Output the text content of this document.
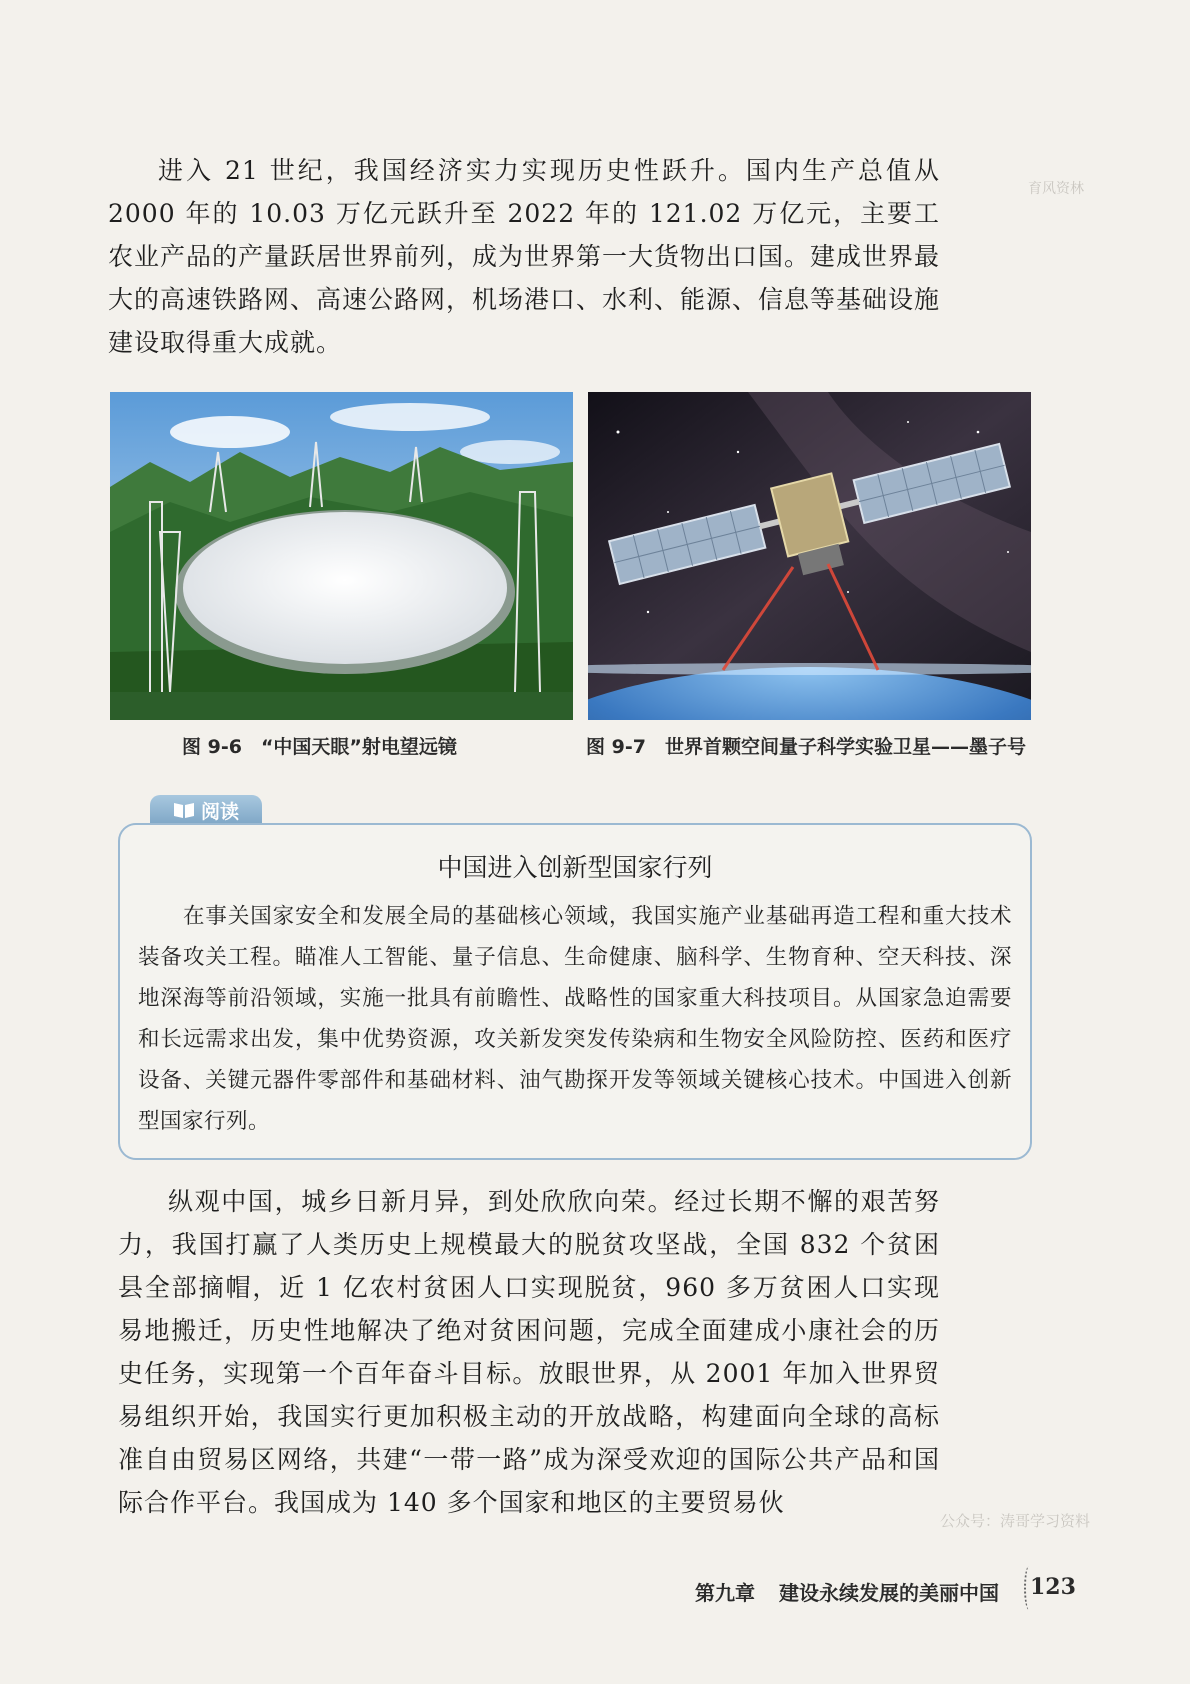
进入 21 世纪，我国经济实力实现历史性跃升。国内生产总值从 2000 年的 10.03 万亿元跃升至 2022 年的 121.02 万亿元，主要工农业产品的产量跃居世界前列，成为世界第一大货物出口国。建成世界最大的高速铁路网、高速公路网，机场港口、水利、能源、信息等基础设施建设取得重大成就。

育风资林
图 9-6　“中国天眼”射电望远镜	图 9-7　世界首颗空间量子科学实验卫星——墨子号
阅读
中国进入创新型国家行列

在事关国家安全和发展全局的基础核心领域，我国实施产业基础再造工程和重大技术装备攻关工程。瞄准人工智能、量子信息、生命健康、脑科学、生物育种、空天科技、深地深海等前沿领域，实施一批具有前瞻性、战略性的国家重大科技项目。从国家急迫需要和长远需求出发，集中优势资源，攻关新发突发传染病和生物安全风险防控、医药和医疗设备、关键元器件零部件和基础材料、油气勘探开发等领域关键核心技术。中国进入创新型国家行列。

纵观中国，城乡日新月异，到处欣欣向荣。经过长期不懈的艰苦努力，我国打赢了人类历史上规模最大的脱贫攻坚战，全国 832 个贫困县全部摘帽，近 1 亿农村贫困人口实现脱贫，960 多万贫困人口实现易地搬迁，历史性地解决了绝对贫困问题，完成全面建成小康社会的历史任务，实现第一个百年奋斗目标。放眼世界，从 2001 年加入世界贸易组织开始，我国实行更加积极主动的开放战略，构建面向全球的高标准自由贸易区网络，共建“一带一路”成为深受欢迎的国际公共产品和国际合作平台。我国成为 140 多个国家和地区的主要贸易伙

公众号：涛哥学习资料
第九章 建设永续发展的美丽中国 123
